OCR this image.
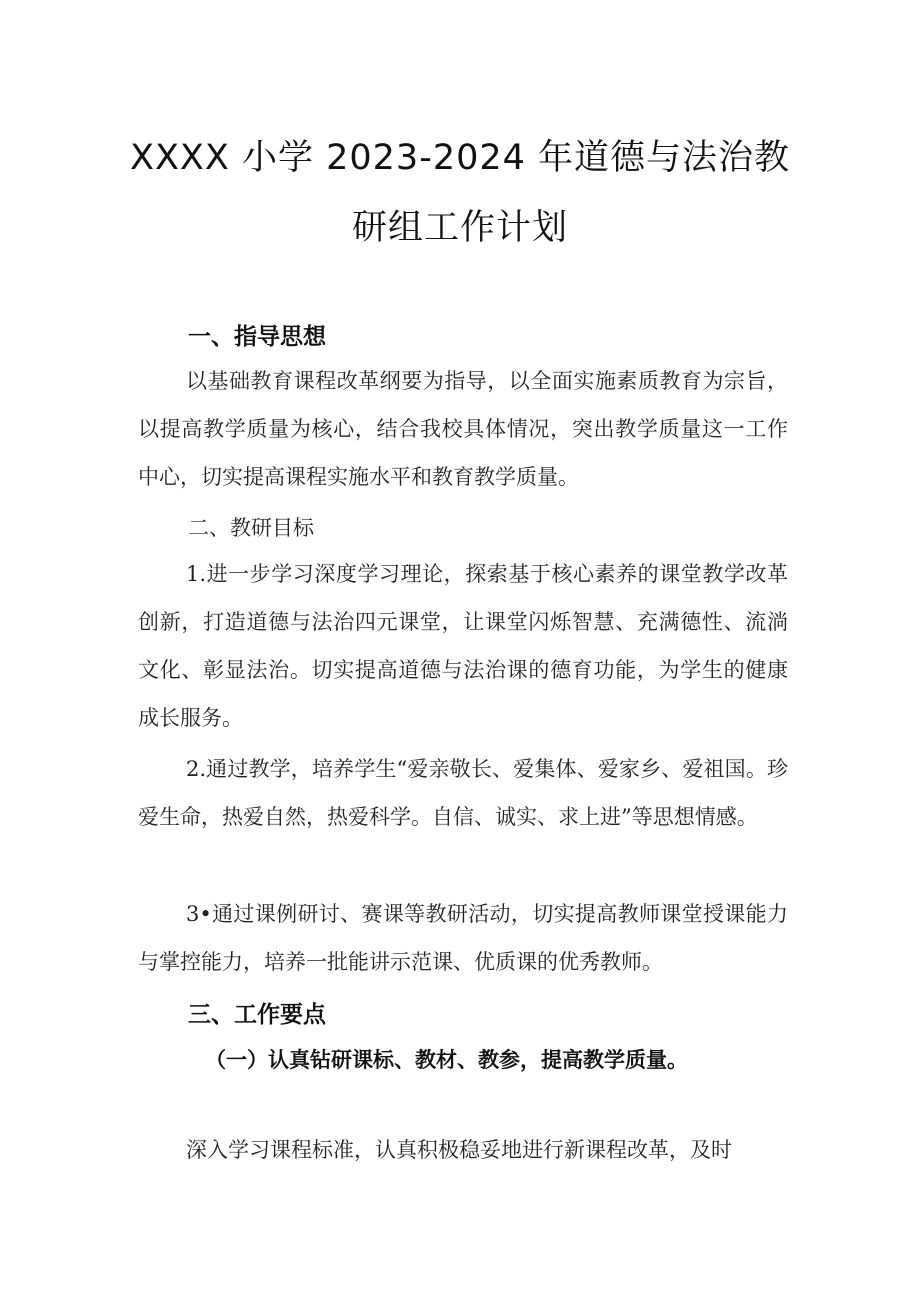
XXXX 小学 2023-2024 年道德与法治教
研组工作计划
一、指导思想

以基础教育课程改革纲要为指导，以全面实施素质教育为宗旨，以提高教学质量为核心，结合我校具体情况，突出教学质量这一工作中心，切实提高课程实施水平和教育教学质量。

二、教研目标

1.进一步学习深度学习理论，探索基于核心素养的课堂教学改革创新，打造道德与法治四元课堂，让课堂闪烁智慧、充满德性、流淌文化、彰显法治。切实提高道德与法治课的德育功能，为学生的健康成长服务。

2.通过教学，培养学生“爱亲敬长、爱集体、爱家乡、爱祖国。珍爱生命，热爱自然，热爱科学。自信、诚实、求上进”等思想情感。

3•通过课例研讨、赛课等教研活动，切实提高教师课堂授课能力与掌控能力，培养一批能讲示范课、优质课的优秀教师。

三、工作要点
（一）认真钻研课标、教材、教参，提高教学质量。

深入学习课程标准，认真积极稳妥地进行新课程改革，及时
